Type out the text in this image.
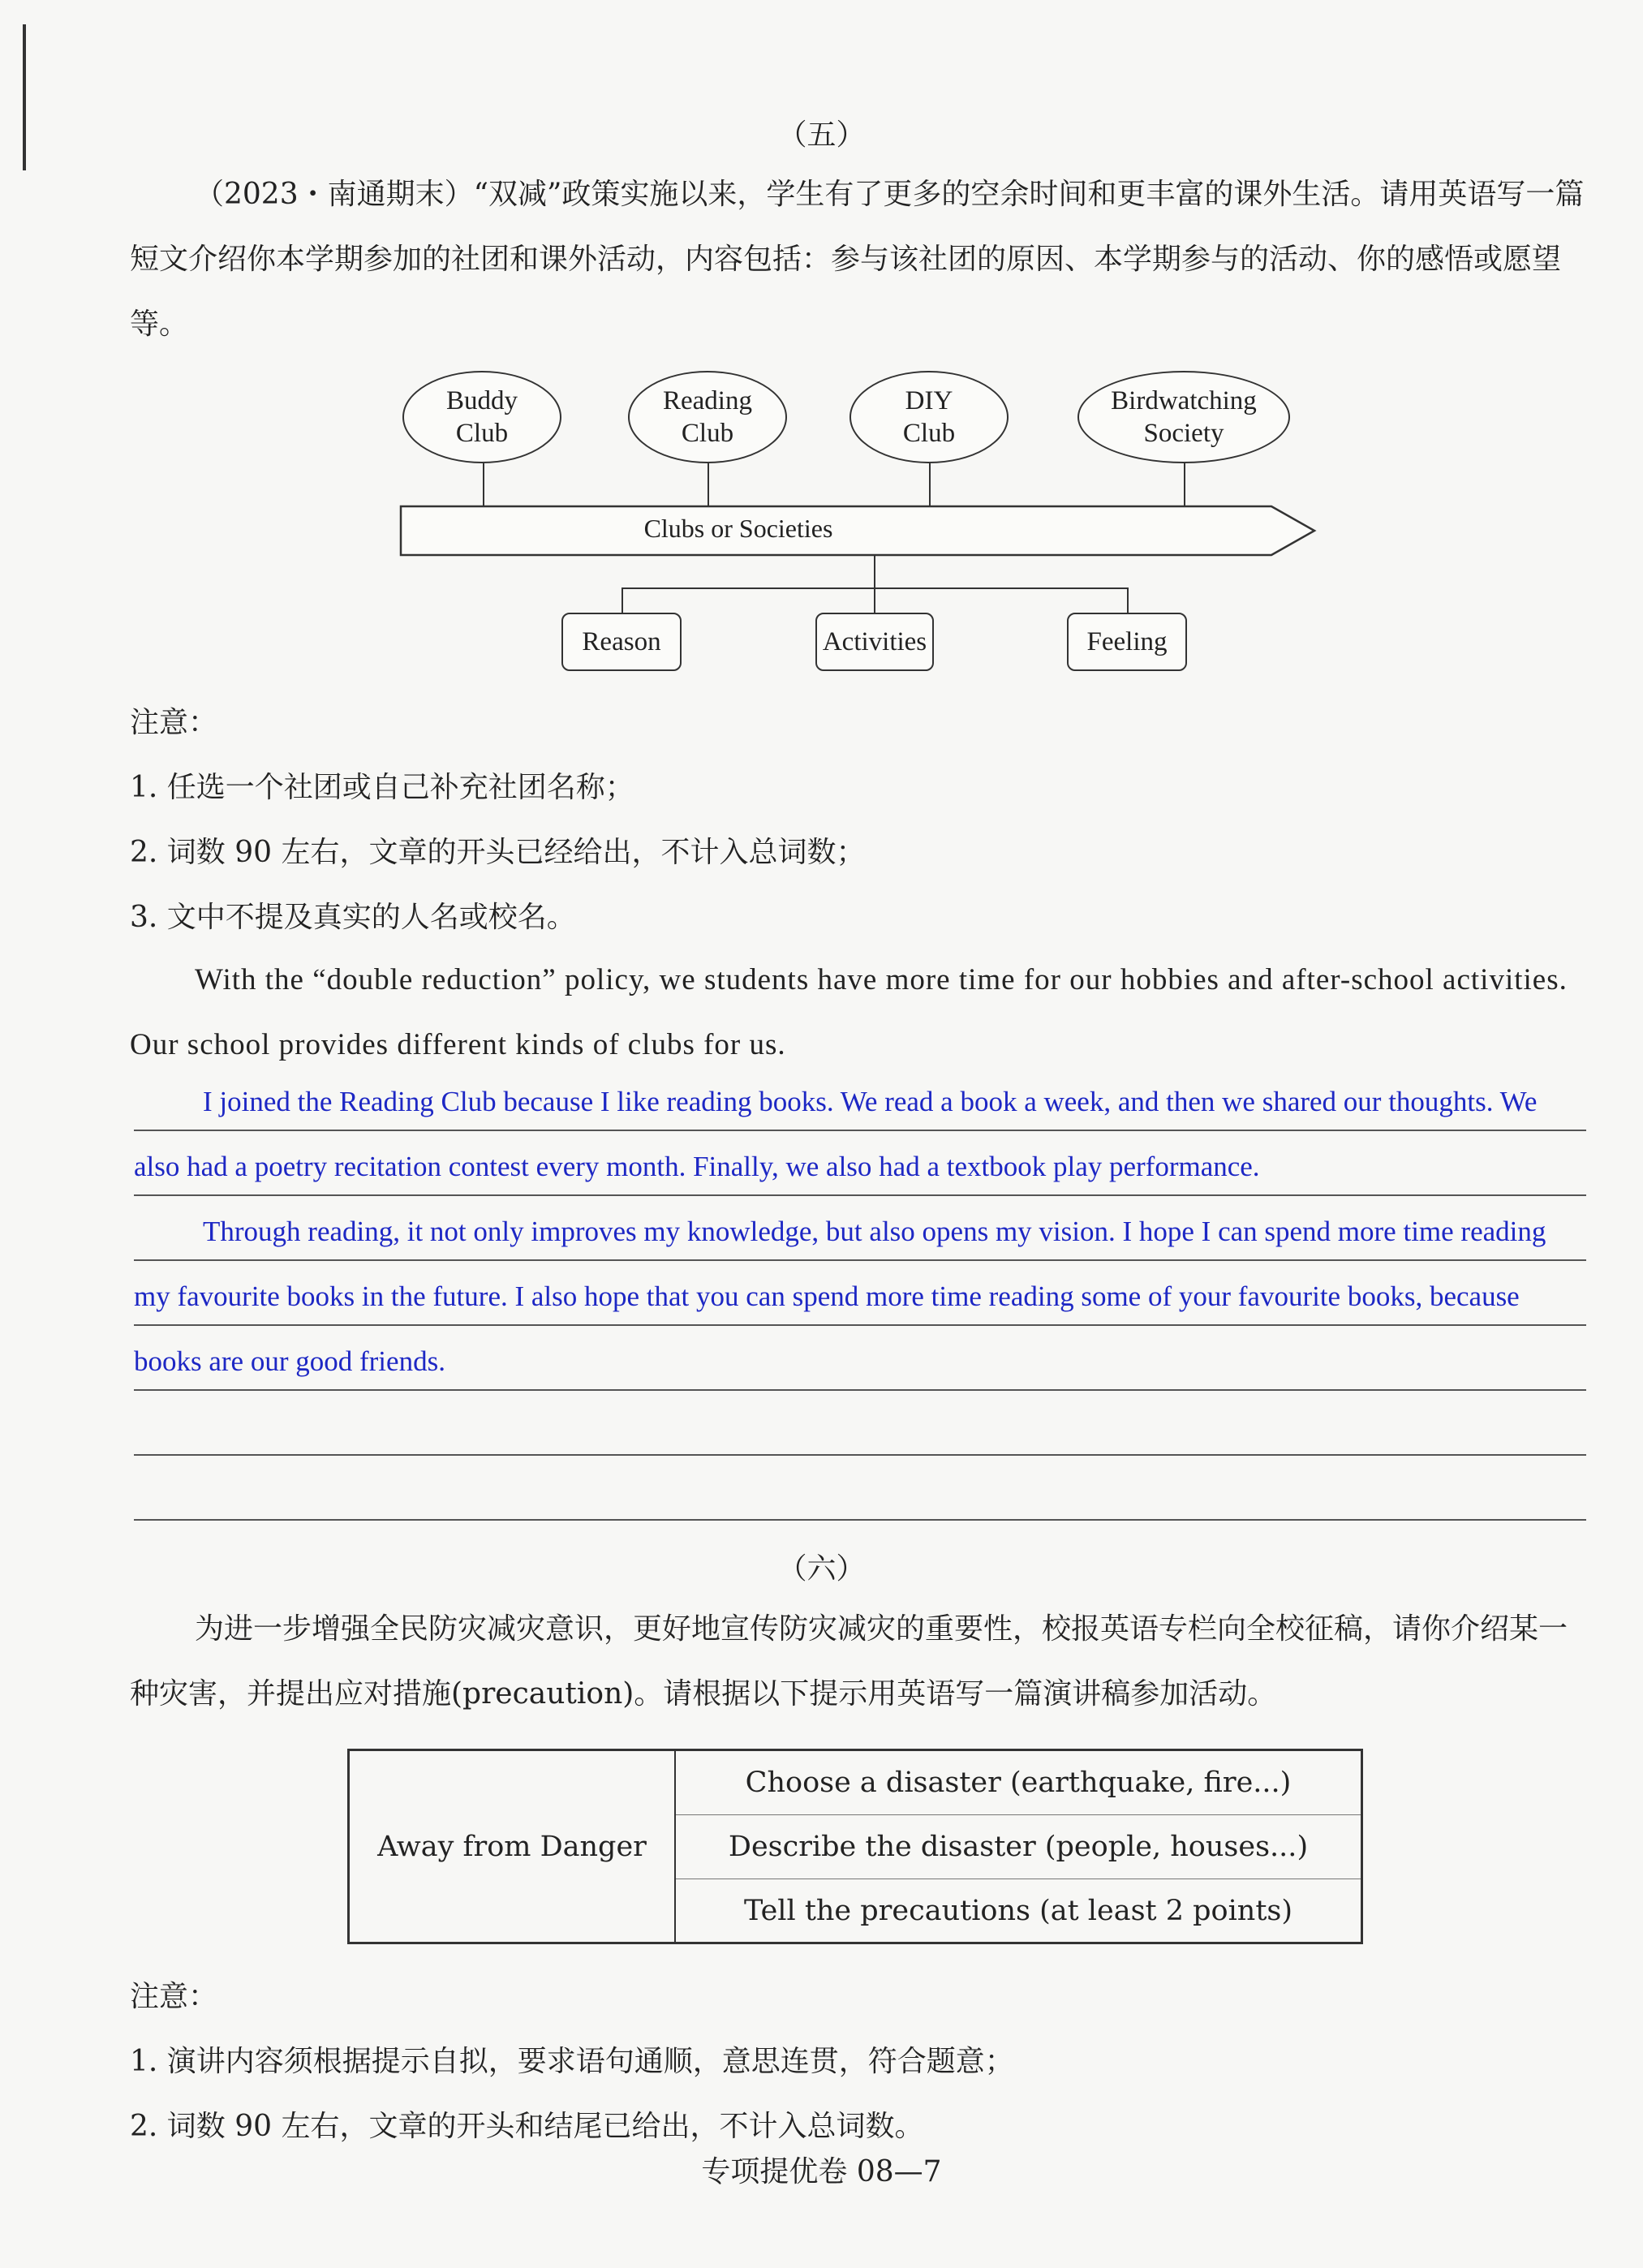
（五）

（2023・南通期末）“双减”政策实施以来，学生有了更多的空余时间和更丰富的课外生活。请用英语写一篇短文介绍你本学期参加的社团和课外活动，内容包括：参与该社团的原因、本学期参与的活动、你的感悟或愿望等。

Buddy
Club
Reading
Club
DIY
Club
Birdwatching
Society
Clubs or Societies
Reason	Activities	Feeling
注意：
1. 任选一个社团或自己补充社团名称；
2. 词数 90 左右，文章的开头已经给出，不计入总词数；
3. 文中不提及真实的人名或校名。

With the “double reduction” policy, we students have more time for our hobbies and after-school activities. Our school provides different kinds of clubs for us.

I joined the Reading Club because I like reading books. We read a book a week, and then we shared our thoughts. We also had a poetry recitation contest every month. Finally, we also had a textbook play performance.

Through reading, it not only improves my knowledge, but also opens my vision. I hope I can spend more time reading my favourite books in the future. I also hope that you can spend more time reading some of your favourite books, because books are our good friends.

（六）

为进一步增强全民防灾减灾意识，更好地宣传防灾减灾的重要性，校报英语专栏向全校征稿，请你介绍某一种灾害，并提出应对措施(precaution)。请根据以下提示用英语写一篇演讲稿参加活动。

Away from Danger
Choose a disaster (earthquake, fire...)
Describe the disaster (people, houses...)
Tell the precautions (at least 2 points)
注意：
1. 演讲内容须根据提示自拟，要求语句通顺，意思连贯，符合题意；
2. 词数 90 左右，文章的开头和结尾已给出，不计入总词数。
专项提优卷 08—7
